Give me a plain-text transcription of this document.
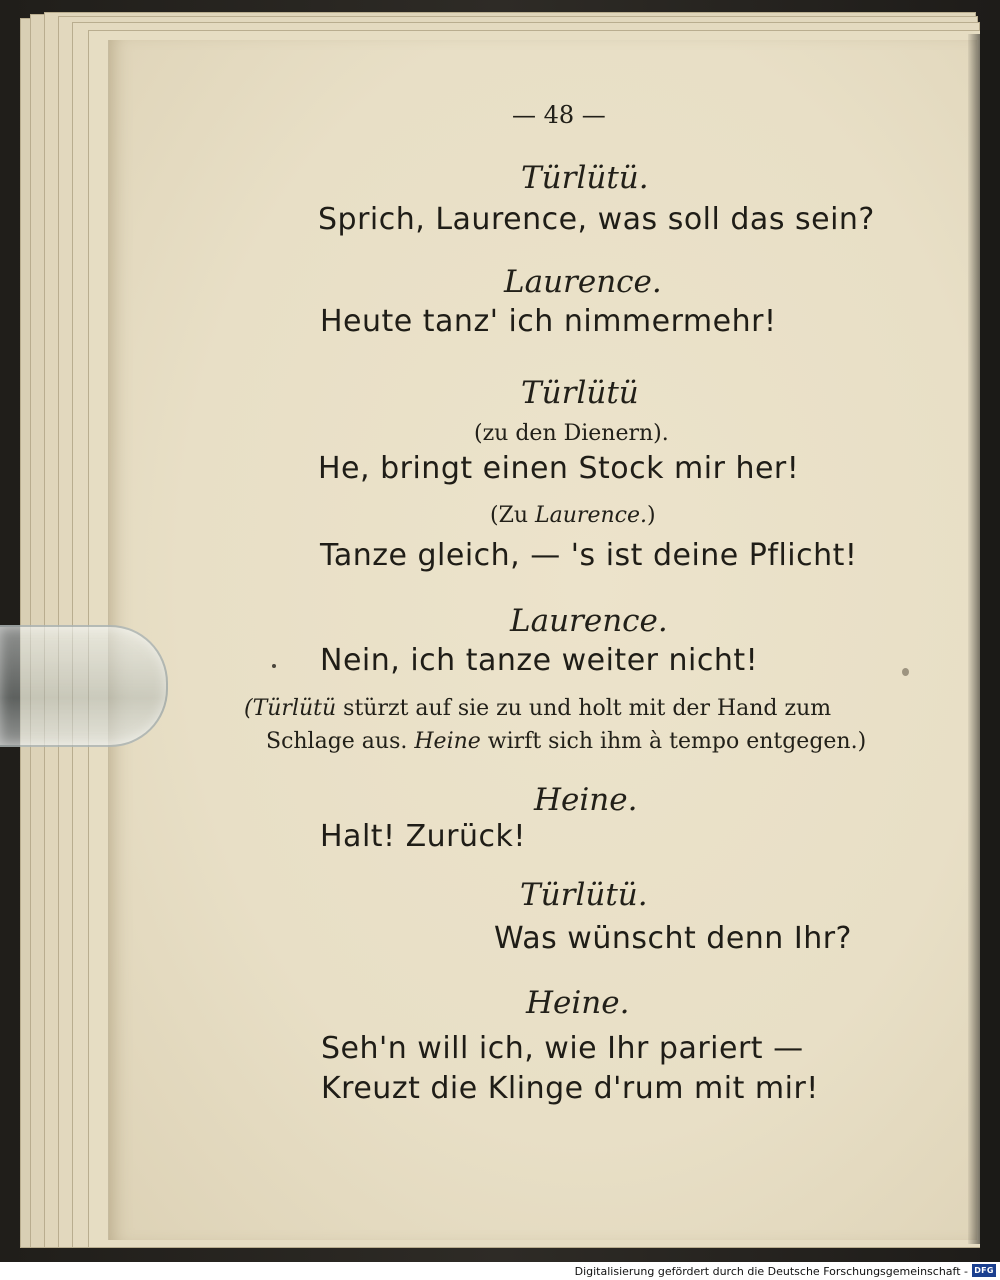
— 48 —
Türlütü.
Sprich, Laurence, was soll das sein?
Laurence.
Heute tanz' ich nimmermehr!
Türlütü
(zu den Dienern).
He, bringt einen Stock mir her!
(Zu Laurence.)
Tanze gleich, — 's ist deine Pflicht!
Laurence.
Nein, ich tanze weiter nicht!
(Türlütü stürzt auf sie zu und holt mit der Hand zum
Schlage aus. Heine wirft sich ihm à tempo entgegen.)
Heine.
Halt! Zurück!
Türlütü.
Was wünscht denn Ihr?
Heine.
Seh'n will ich, wie Ihr pariert —
Kreuzt die Klinge d'rum mit mir!
Digitalisierung gefördert durch die Deutsche Forschungsgemeinschaft - DFG
